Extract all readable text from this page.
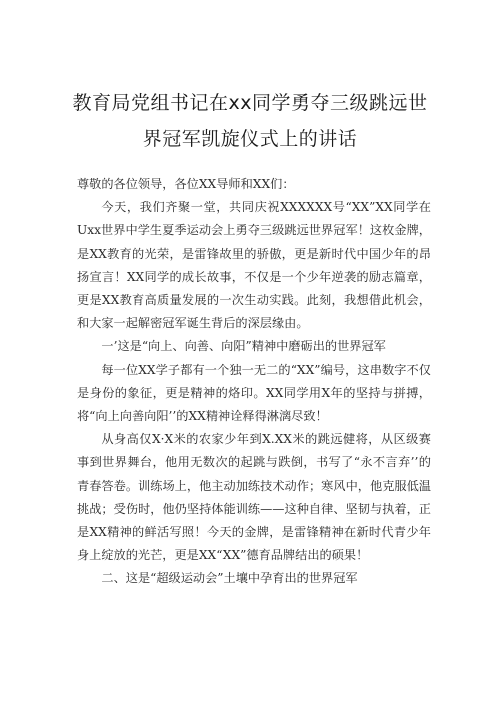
教育局党组书记在xx同学勇夺三级跳远世
界冠军凯旋仪式上的讲话

尊敬的各位领导，各位XX导师和XX们：

今天，我们齐聚一堂，共同庆祝XXXXXX号“XX”XX同学在Uxx世界中学生夏季运动会上勇夺三级跳远世界冠军！这枚金牌，是XX教育的光荣，是雷锋故里的骄傲，更是新时代中国少年的昂扬宣言！XX同学的成长故事，不仅是一个少年逆袭的励志篇章，更是XX教育高质量发展的一次生动实践。此刻，我想借此机会，和大家一起解密冠军诞生背后的深层缘由。

一’这是“向上、向善、向阳”精神中磨砺出的世界冠军

每一位XX学子都有一个独一无二的“XX”编号，这串数字不仅是身份的象征，更是精神的烙印。XX同学用X年的坚持与拼搏，将“向上向善向阳’’的XX精神诠释得淋漓尽致！

从身高仅X·X米的农家少年到X.XX米的跳远健将，从区级赛事到世界舞台，他用无数次的起跳与跌倒，书写了“永不言弃’’的青春答卷。训练场上，他主动加练技术动作；寒风中，他克服低温挑战；受伤时，他仍坚持体能训练——这种自律、坚韧与执着，正是XX精神的鲜活写照！今天的金牌，是雷锋精神在新时代青少年身上绽放的光芒，更是XX“XX”德育品牌结出的硕果！

二、这是“超级运动会”土壤中孕育出的世界冠军
